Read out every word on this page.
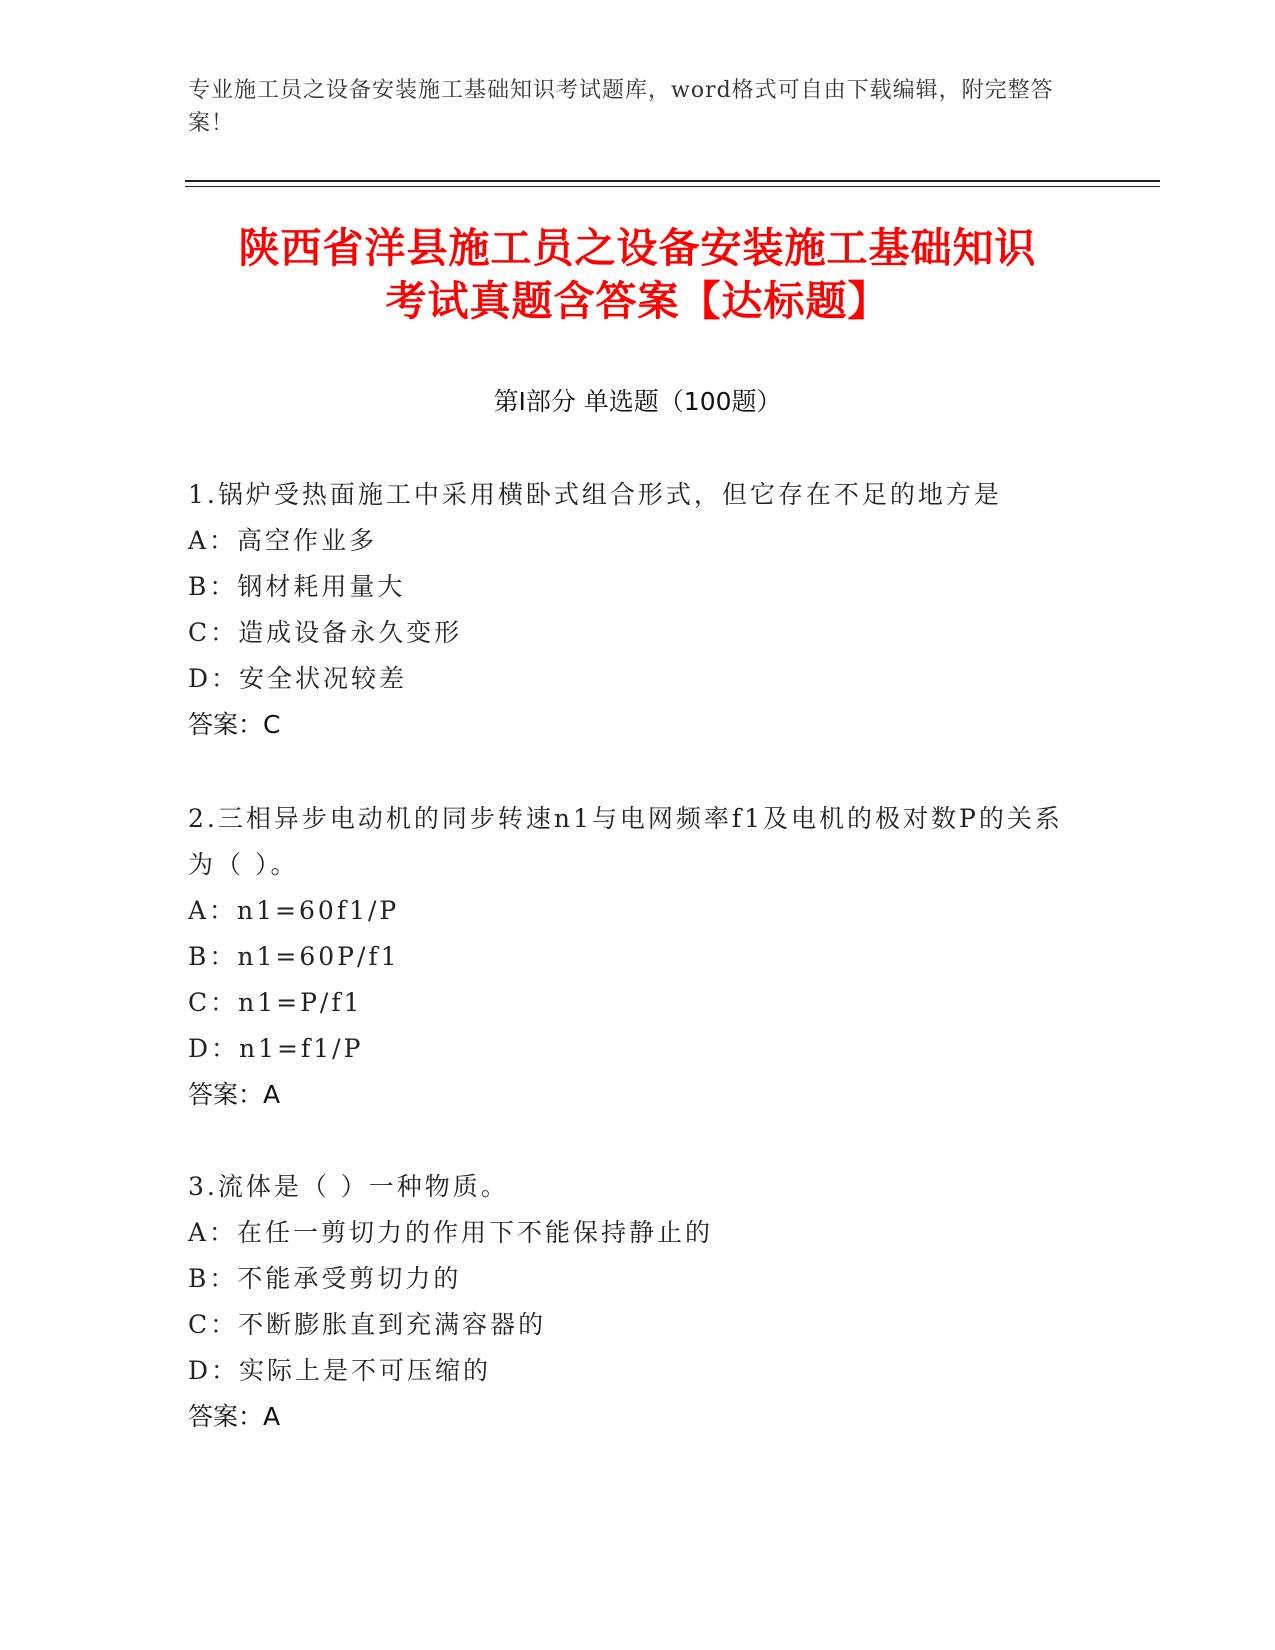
专业施工员之设备安装施工基础知识考试题库，word格式可自由下载编辑，附完整答案！
陕西省洋县施工员之设备安装施工基础知识
考试真题含答案【达标题】
第Ⅰ部分 单选题（100题）
1.锅炉受热面施工中采用横卧式组合形式，但它存在不足的地方是
A：高空作业多
B：钢材耗用量大
C：造成设备永久变形
D：安全状况较差
答案：C
2.三相异步电动机的同步转速n1与电网频率f1及电机的极对数P的关系为（ ）。
A：n1=60f1/P
B：n1=60P/f1
C：n1=P/f1
D：n1=f1/P
答案：A
3.流体是（ ）一种物质。
A：在任一剪切力的作用下不能保持静止的
B：不能承受剪切力的
C：不断膨胀直到充满容器的
D：实际上是不可压缩的
答案：A
